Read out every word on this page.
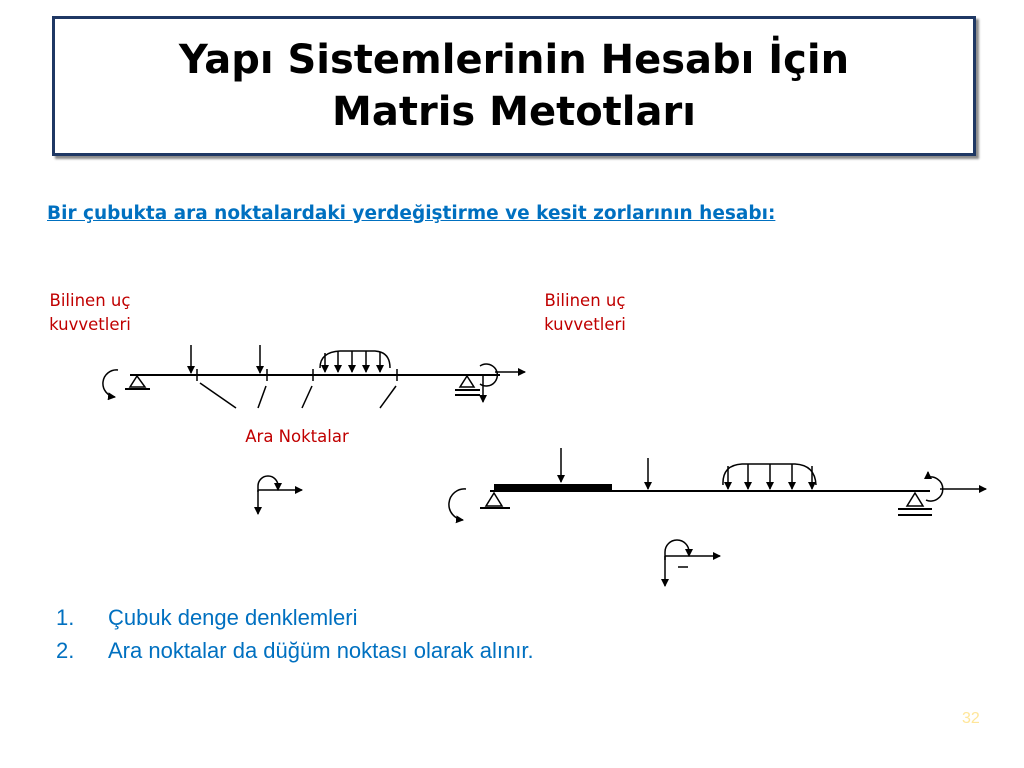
Yapı Sistemlerinin Hesabı İçin
Matris Metotları
Bir çubukta ara noktalardaki yerdeğiştirme ve kesit zorlarının hesabı:
Bilinen uç
kuvvetleri
Bilinen uç
kuvvetleri
Ara Noktalar
1.	Çubuk denge denklemleri
2.	Ara noktalar da düğüm noktası olarak alınır.
32
